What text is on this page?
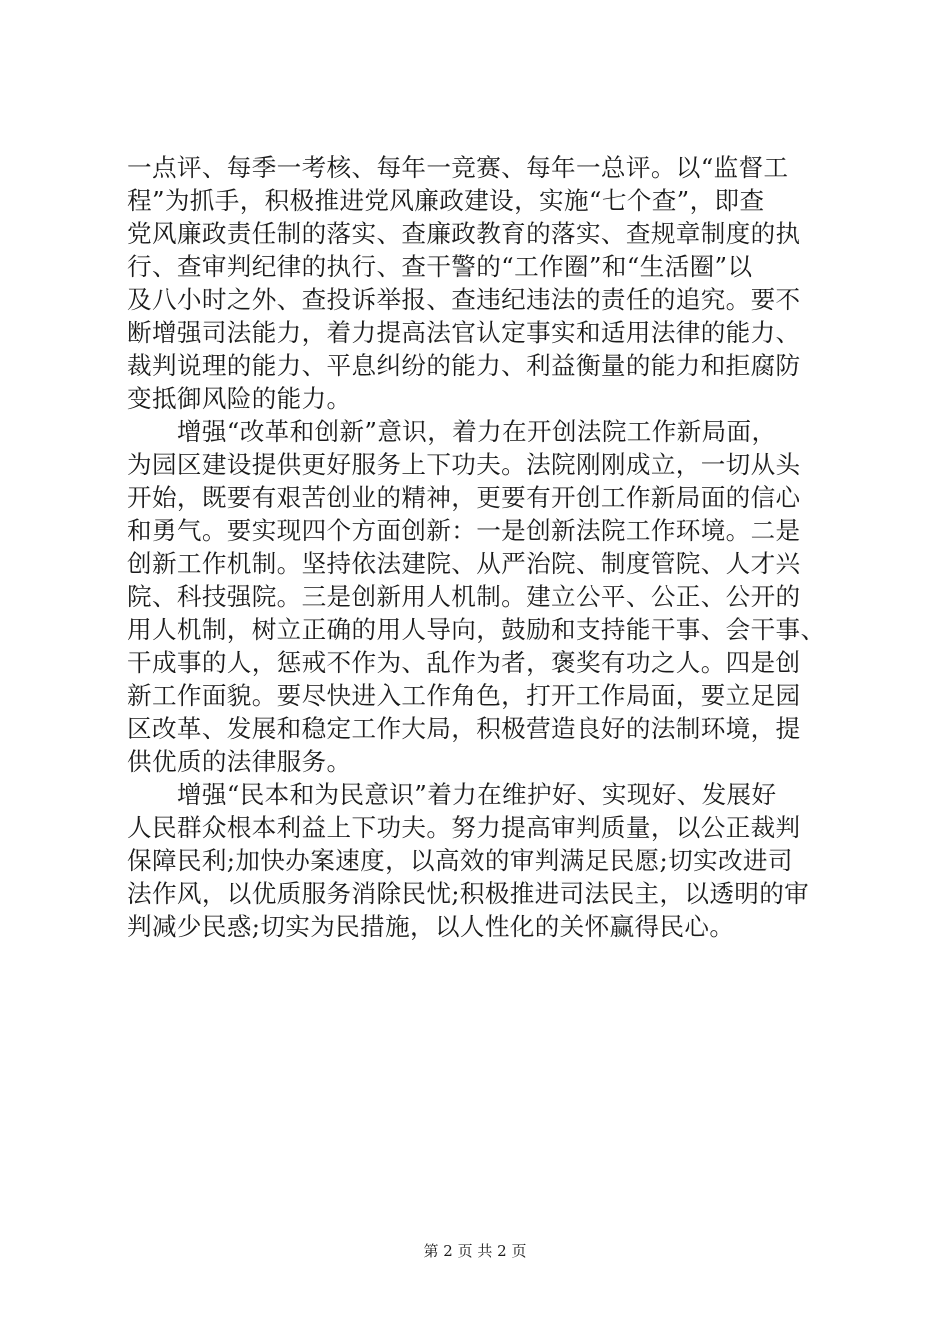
一点评、每季一考核、每年一竞赛、每年一总评。以“监督工
程”为抓手，积极推进党风廉政建设，实施“七个查”，即查
党风廉政责任制的落实、查廉政教育的落实、查规章制度的执
行、查审判纪律的执行、查干警的“工作圈”和“生活圈”以
及八小时之外、查投诉举报、查违纪违法的责任的追究。要不
断增强司法能力，着力提高法官认定事实和适用法律的能力、
裁判说理的能力、平息纠纷的能力、利益衡量的能力和拒腐防
变抵御风险的能力。
　　增强“改革和创新”意识，着力在开创法院工作新局面，
为园区建设提供更好服务上下功夫。法院刚刚成立，一切从头
开始，既要有艰苦创业的精神，更要有开创工作新局面的信心
和勇气。要实现四个方面创新：一是创新法院工作环境。二是
创新工作机制。坚持依法建院、从严治院、制度管院、人才兴
院、科技强院。三是创新用人机制。建立公平、公正、公开的
用人机制，树立正确的用人导向，鼓励和支持能干事、会干事、
干成事的人，惩戒不作为、乱作为者，褒奖有功之人。四是创
新工作面貌。要尽快进入工作角色，打开工作局面，要立足园
区改革、发展和稳定工作大局，积极营造良好的法制环境，提
供优质的法律服务。
　　增强“民本和为民意识”着力在维护好、实现好、发展好
人民群众根本利益上下功夫。努力提高审判质量，以公正裁判
保障民利;加快办案速度，以高效的审判满足民愿;切实改进司
法作风，以优质服务消除民忧;积极推进司法民主，以透明的审
判减少民惑;切实为民措施，以人性化的关怀赢得民心。
第 2 页 共 2 页
